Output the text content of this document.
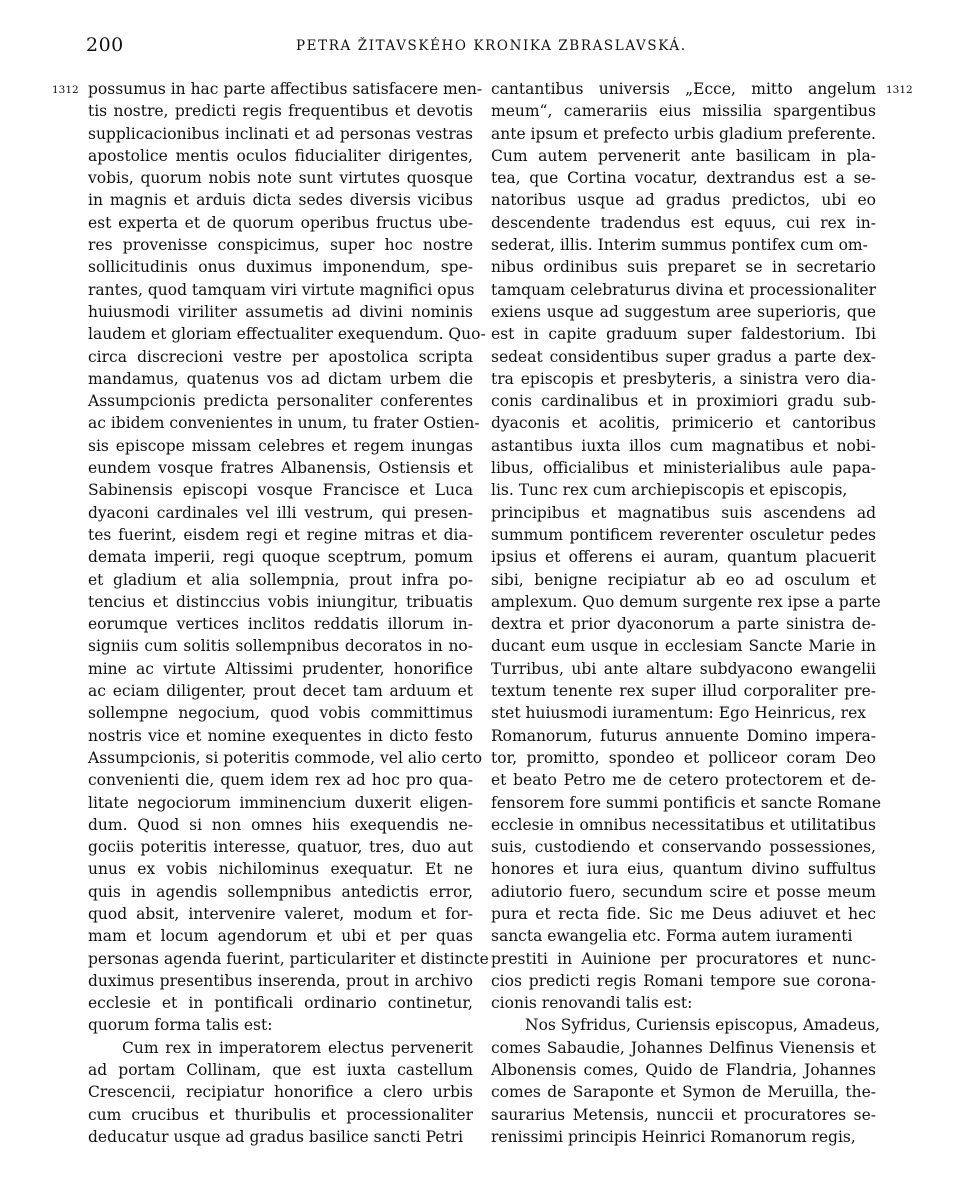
200	PETRA ŽITAVSKÉHO KRONIKA ZBRASLAVSKÁ.
1312	1312
possumus in hac parte affectibus satisfacere men-
tis nostre, predicti regis frequentibus et devotis
supplicacionibus inclinati et ad personas vestras
apostolice mentis oculos fiducialiter dirigentes,
vobis, quorum nobis note sunt virtutes quosque
in magnis et arduis dicta sedes diversis vicibus
est experta et de quorum operibus fructus ube-
res provenisse conspicimus, super hoc nostre
sollicitudinis onus duximus imponendum, spe-
rantes, quod tamquam viri virtute magnifici opus
huiusmodi viriliter assumetis ad divini nominis
laudem et gloriam effectualiter exequendum. Quo-
circa discrecioni vestre per apostolica scripta
mandamus, quatenus vos ad dictam urbem die
Assumpcionis predicta personaliter conferentes
ac ibidem convenientes in unum, tu frater Ostien-
sis episcope missam celebres et regem inungas
eundem vosque fratres Albanensis, Ostiensis et
Sabinensis episcopi vosque Francisce et Luca
dyaconi cardinales vel illi vestrum, qui presen-
tes fuerint, eisdem regi et regine mitras et dia-
demata imperii, regi quoque sceptrum, pomum
et gladium et alia sollempnia, prout infra po-
tencius et distinccius vobis iniungitur, tribuatis
eorumque vertices inclitos reddatis illorum in-
signiis cum solitis sollempnibus decoratos in no-
mine ac virtute Altissimi prudenter, honorifice
ac eciam diligenter, prout decet tam arduum et
sollempne negocium, quod vobis committimus
nostris vice et nomine exequentes in dicto festo
Assumpcionis, si poteritis commode, vel alio certo
convenienti die, quem idem rex ad hoc pro qua-
litate negociorum imminencium duxerit eligen-
dum. Quod si non omnes hiis exequendis ne-
gociis poteritis interesse, quatuor, tres, duo aut
unus ex vobis nichilominus exequatur. Et ne
quis in agendis sollempnibus antedictis error,
quod absit, intervenire valeret, modum et for-
mam et locum agendorum et ubi et per quas
personas agenda fuerint, particulariter et distincte
duximus presentibus inserenda, prout in archivo
ecclesie et in pontificali ordinario continetur,
quorum forma talis est:
Cum rex in imperatorem electus pervenerit
ad portam Collinam, que est iuxta castellum
Crescencii, recipiatur honorifice a clero urbis
cum crucibus et thuribulis et processionaliter
deducatur usque ad gradus basilice sancti Petri
cantantibus universis „Ecce, mitto angelum
meum“, camerariis eius missilia spargentibus
ante ipsum et prefecto urbis gladium preferente.
Cum autem pervenerit ante basilicam in pla-
tea, que Cortina vocatur, dextrandus est a se-
natoribus usque ad gradus predictos, ubi eo
descendente tradendus est equus, cui rex in-
sederat, illis. Interim summus pontifex cum om-
nibus ordinibus suis preparet se in secretario
tamquam celebraturus divina et processionaliter
exiens usque ad suggestum aree superioris, que
est in capite graduum super faldestorium. Ibi
sedeat considentibus super gradus a parte dex-
tra episcopis et presbyteris, a sinistra vero dia-
conis cardinalibus et in proximiori gradu sub-
dyaconis et acolitis, primicerio et cantoribus
astantibus iuxta illos cum magnatibus et nobi-
libus, officialibus et ministerialibus aule papa-
lis. Tunc rex cum archiepiscopis et episcopis,
principibus et magnatibus suis ascendens ad
summum pontificem reverenter osculetur pedes
ipsius et offerens ei auram, quantum placuerit
sibi, benigne recipiatur ab eo ad osculum et
amplexum. Quo demum surgente rex ipse a parte
dextra et prior dyaconorum a parte sinistra de-
ducant eum usque in ecclesiam Sancte Marie in
Turribus, ubi ante altare subdyacono ewangelii
textum tenente rex super illud corporaliter pre-
stet huiusmodi iuramentum: Ego Heinricus, rex
Romanorum, futurus annuente Domino impera-
tor, promitto, spondeo et polliceor coram Deo
et beato Petro me de cetero protectorem et de-
fensorem fore summi pontificis et sancte Romane
ecclesie in omnibus necessitatibus et utilitatibus
suis, custodiendo et conservando possessiones,
honores et iura eius, quantum divino suffultus
adiutorio fuero, secundum scire et posse meum
pura et recta fide. Sic me Deus adiuvet et hec
sancta ewangelia etc. Forma autem iuramenti
prestiti in Auinione per procuratores et nunc-
cios predicti regis Romani tempore sue corona-
cionis renovandi talis est:
Nos Syfridus, Curiensis episcopus, Amadeus,
comes Sabaudie, Johannes Delfinus Vienensis et
Albonensis comes, Quido de Flandria, Johannes
comes de Saraponte et Symon de Meruilla, the-
saurarius Metensis, nunccii et procuratores se-
renissimi principis Heinrici Romanorum regis,
